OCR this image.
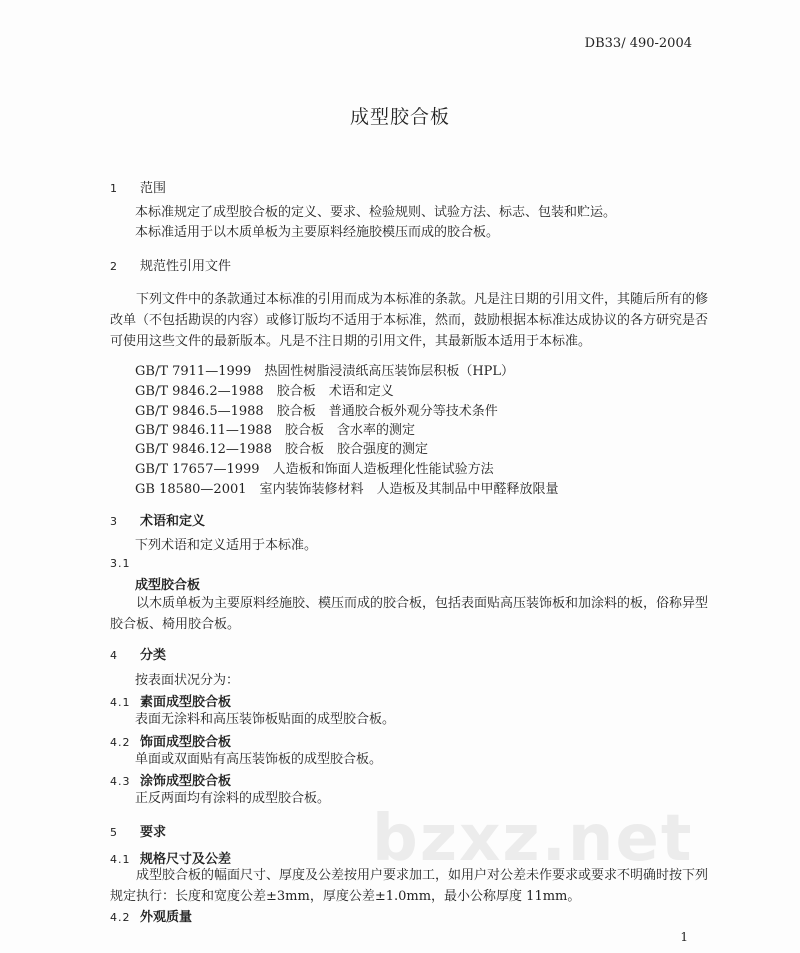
DB33/ 490-2004
成型胶合板
1 范围
本标准规定了成型胶合板的定义、要求、检验规则、试验方法、标志、包装和贮运。
本标准适用于以木质单板为主要原料经施胶模压而成的胶合板。
2 规范性引用文件
下列文件中的条款通过本标准的引用而成为本标准的条款。凡是注日期的引用文件，其随后所有的修改单（不包括勘误的内容）或修订版均不适用于本标准，然而，鼓励根据本标准达成协议的各方研究是否可使用这些文件的最新版本。凡是不注日期的引用文件，其最新版本适用于本标准。
GB/T 7911—1999　 热固性树脂浸渍纸高压装饰层积板（HPL）
GB/T 9846.2—1988　 胶合板　术语和定义
GB/T 9846.5—1988　 胶合板　普通胶合板外观分等技术条件
GB/T 9846.11—1988　 胶合板　含水率的测定
GB/T 9846.12—1988　 胶合板　胶合强度的测定
GB/T 17657—1999　 人造板和饰面人造板理化性能试验方法
GB 18580—2001　 室内装饰装修材料　人造板及其制品中甲醛释放限量
3 术语和定义
下列术语和定义适用于本标准。
3.1
成型胶合板
以木质单板为主要原料经施胶、模压而成的胶合板，包括表面贴高压装饰板和加涂料的板，俗称异型胶合板、椅用胶合板。
4 分类
按表面状况分为：
4.1 素面成型胶合板
表面无涂料和高压装饰板贴面的成型胶合板。
4.2 饰面成型胶合板
单面或双面贴有高压装饰板的成型胶合板。
4.3 涂饰成型胶合板
正反两面均有涂料的成型胶合板。
5 要求	bzxz.net
4.1 规格尺寸及公差
成型胶合板的幅面尺寸、厚度及公差按用户要求加工，如用户对公差未作要求或要求不明确时按下列规定执行：长度和宽度公差±3mm，厚度公差±1.0mm，最小公称厚度 11mm。
4.2 外观质量
1
